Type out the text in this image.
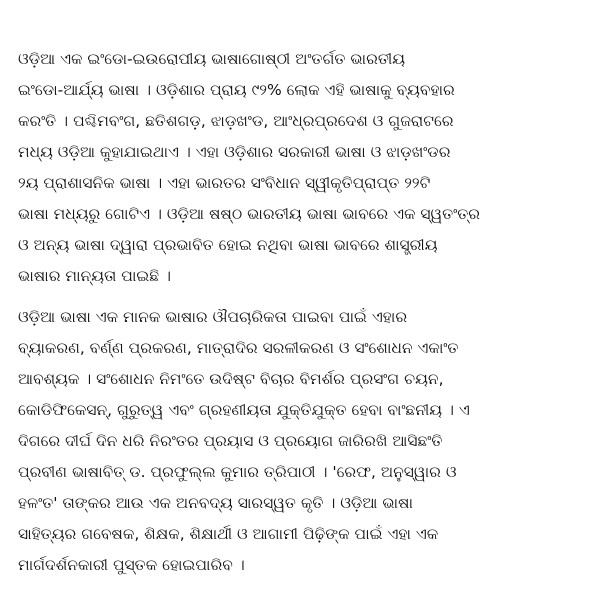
ଓଡ଼ିଆ ଏକ ଇଂଡୋ-ଇଉରୋପୀୟ ଭାଷାଗୋଷ୍ଠୀ ଅଂତର୍ଗତ ଭାରତୀୟ
ଇଂଡୋ-ଆର୍ଯ୍ୟ ଭାଷା । ଓଡ଼ିଶାର ପ୍ରାୟ ୯୨% ଲୋକ ଏହି ଭାଷାକୁ ବ୍ୟବହାର
କରଂତି । ପଶ୍ଚିମବଂଗ, ଛତିଶଗଡ଼, ଝାଡ଼ଖଂଡ, ଆଂଧ୍ରପ୍ରଦେଶ ଓ ଗୁଜରାଟରେ
ମଧ୍ୟ ଓଡ଼ିଆ କୁହାଯାଇଥାଏ । ଏହା ଓଡ଼ିଶାର ସରକାରୀ ଭାଷା ଓ ଝାଡ଼ଖଂଡର
୨ୟ ପ୍ରାଶାସନିକ ଭାଷା । ଏହା ଭାରତର ସଂବିଧାନ ସ୍ୱୀକୃତିପ୍ରାପ୍ତ ୨୨ଟି
ଭାଷା ମଧ୍ୟରୁ ଗୋଟିଏ । ଓଡ଼ିଆ ଷଷ୍ଠ ଭାରତୀୟ ଭାଷା ଭାବରେ ଏକ ସ୍ୱତଂତ୍ର
ଓ ଅନ୍ୟ ଭାଷା ଦ୍ୱାରା ପ୍ରଭାବିତ ହୋଇ ନଥିବା ଭାଷା ଭାବରେ ଶାସ୍ତ୍ରୀୟ
ଭାଷାର ମାନ୍ୟତା ପାଇଛି ।

ଓଡ଼ିଆ ଭାଷା ଏକ ମାନକ ଭାଷାର ଔପଚାରିକତା ପାଇବା ପାଇଁ ଏହାର
ବ୍ୟାକରଣ, ବର୍ଣ୍ଣ ପ୍ରକରଣ, ମାତ୍ରାଦିର ସରଳୀକରଣ ଓ ସଂଶୋଧନ ଏକାଂତ
ଆବଶ୍ୟକ । ସଂଶୋଧନ ନିମଂତେ ଉଦିଷ୍ଟ ବିଚାର ବିମର୍ଶର ପ୍ରସଂଗ ଚୟନ,
କୋଡିଫିକେସନ୍, ଗୁରୁତ୍ୱ ଏବଂ ଗ୍ରହଣୀୟତା ଯୁକ୍ତିଯୁକ୍ତ ହେବା ବାଂଛନୀୟ । ଏ
ଦିଗରେ ଦୀର୍ଘ ଦିନ ଧରି ନିରଂତର ପ୍ରୟାସ ଓ ପ୍ରୟୋଗ ଜାରିରଖି ଆସିଛଂତି
ପ୍ରବୀଣ ଭାଷାବିତ୍ ଡ. ପ୍ରଫୁଲ୍ଲ କୁମାର ତ୍ରିପାଠୀ । 'ରେଫ, ଅନୁସ୍ୱାର ଓ
ହଳଂତ' ତାଙ୍କର ଆଉ ଏକ ଅନବଦ୍ୟ ସାରସ୍ୱତ କୃତି । ଓଡ଼ିଆ ଭାଷା
ସାହିତ୍ୟର ଗବେଷକ, ଶିକ୍ଷକ, ଶିକ୍ଷାର୍ଥୀ ଓ ଆଗାମୀ ପିଢ଼ିଙ୍କ ପାଇଁ ଏହା ଏକ
ମାର୍ଗଦର୍ଶନକାରୀ ପୁସ୍ତକ ହୋଇପାରିବ ।
